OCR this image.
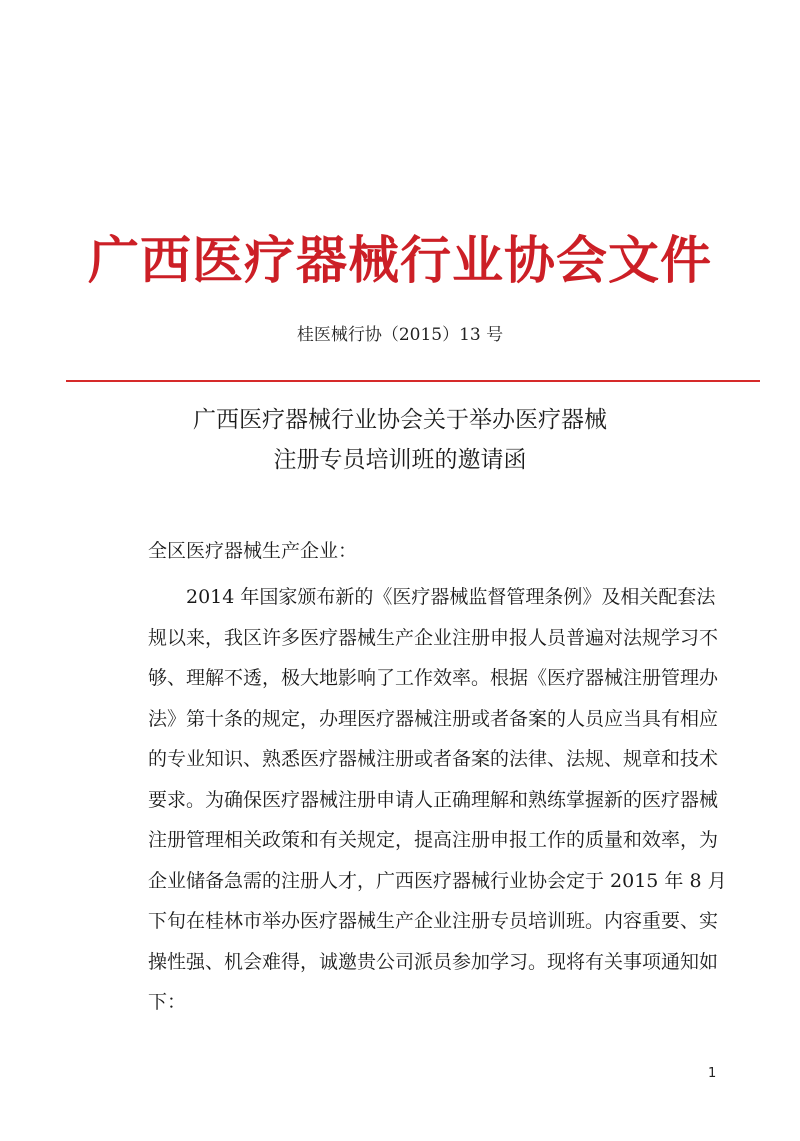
广西医疗器械行业协会文件
桂医械行协（2015）13 号
广西医疗器械行业协会关于举办医疗器械
注册专员培训班的邀请函
全区医疗器械生产企业：
　　2014 年国家颁布新的《医疗器械监督管理条例》及相关配套法
规以来，我区许多医疗器械生产企业注册申报人员普遍对法规学习不
够、理解不透，极大地影响了工作效率。根据《医疗器械注册管理办
法》第十条的规定，办理医疗器械注册或者备案的人员应当具有相应
的专业知识、熟悉医疗器械注册或者备案的法律、法规、规章和技术
要求。为确保医疗器械注册申请人正确理解和熟练掌握新的医疗器械
注册管理相关政策和有关规定，提高注册申报工作的质量和效率，为
企业储备急需的注册人才，广西医疗器械行业协会定于 2015 年 8 月
下旬在桂林市举办医疗器械生产企业注册专员培训班。内容重要、实
操性强、机会难得，诚邀贵公司派员参加学习。现将有关事项通知如
下：
1
